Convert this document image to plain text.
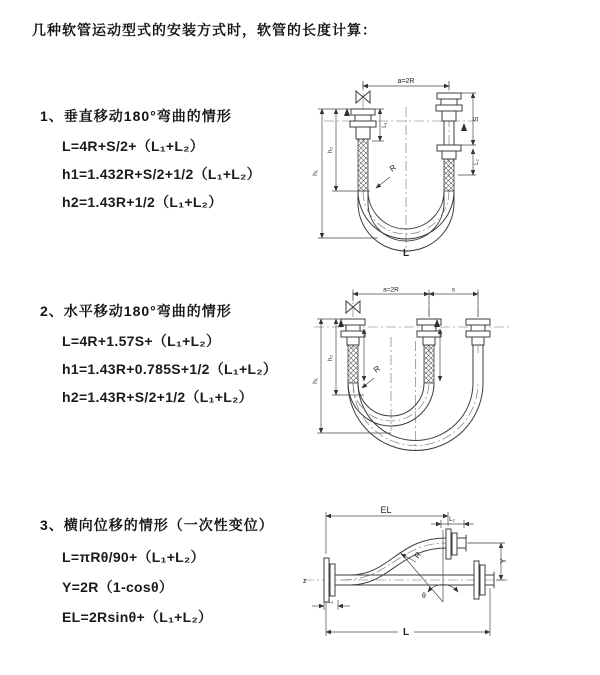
几种软管运动型式的安装方式时，软管的长度计算：
1、垂直移动180°弯曲的情形
L=4R+S/2+（L₁+L₂）
h1=1.432R+S/2+1/2（L₁+L₂）
h2=1.43R+1/2（L₁+L₂）
2、水平移动180°弯曲的情形
L=4R+1.57S+（L₁+L₂）
h1=1.43R+0.785S+1/2（L₁+L₂）
h2=1.43R+S/2+1/2（L₁+L₂）
3、横向位移的情形（一次性变位）
L=πRθ/90+（L₁+L₂）
Y=2R（1-cosθ）
EL=2Rsinθ+（L₁+L₂）
a=2R
S
L₂
h₂
h₁
L₁
R
L
a=2R	s
h₂
h₁
R
z
θ
EL
L₂
Y
L
L₁
R
